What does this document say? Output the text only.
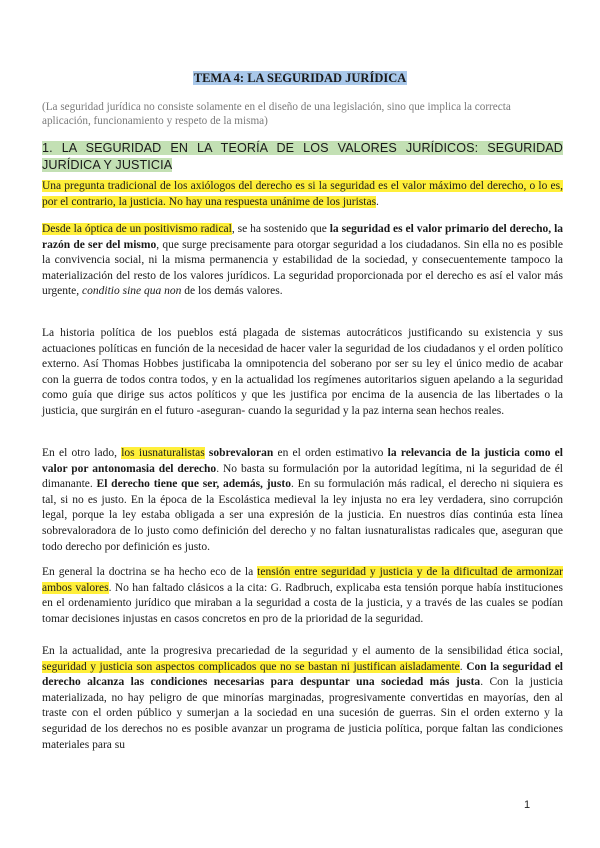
TEMA 4: LA SEGURIDAD JURÍDICA
(La seguridad jurídica no consiste solamente en el diseño de una legislación, sino que implica la correcta aplicación, funcionamiento y respeto de la misma)
1. LA SEGURIDAD EN LA TEORÍA DE LOS VALORES JURÍDICOS: SEGURIDAD JURÍDICA Y JUSTICIA
Una pregunta tradicional de los axiólogos del derecho es si la seguridad es el valor máximo del derecho, o lo es, por el contrario, la justicia. No hay una respuesta unánime de los juristas.
Desde la óptica de un positivismo radical, se ha sostenido que la seguridad es el valor primario del derecho, la razón de ser del mismo, que surge precisamente para otorgar seguridad a los ciudadanos. Sin ella no es posible la convivencia social, ni la misma permanencia y estabilidad de la sociedad, y consecuentemente tampoco la materialización del resto de los valores jurídicos. La seguridad proporcionada por el derecho es así el valor más urgente, conditio sine qua non de los demás valores.
La historia política de los pueblos está plagada de sistemas autocráticos justificando su existencia y sus actuaciones políticas en función de la necesidad de hacer valer la seguridad de los ciudadanos y el orden político externo. Así Thomas Hobbes justificaba la omnipotencia del soberano por ser su ley el único medio de acabar con la guerra de todos contra todos, y en la actualidad los regímenes autoritarios siguen apelando a la seguridad como guía que dirige sus actos políticos y que les justifica por encima de la ausencia de las libertades o la justicia, que surgirán en el futuro -aseguran- cuando la seguridad y la paz interna sean hechos reales.
En el otro lado, los iusnaturalistas sobrevaloran en el orden estimativo la relevancia de la justicia como el valor por antonomasia del derecho. No basta su formulación por la autoridad legítima, ni la seguridad de él dimanante. El derecho tiene que ser, además, justo. En su formulación más radical, el derecho ni siquiera es tal, si no es justo. En la época de la Escolástica medieval la ley injusta no era ley verdadera, sino corrupción legal, porque la ley estaba obligada a ser una expresión de la justicia. En nuestros días continúa esta línea sobrevaloradora de lo justo como definición del derecho y no faltan iusnaturalistas radicales que, aseguran que todo derecho por definición es justo.
En general la doctrina se ha hecho eco de la tensión entre seguridad y justicia y de la dificultad de armonizar ambos valores. No han faltado clásicos a la cita: G. Radbruch, explicaba esta tensión porque había instituciones en el ordenamiento jurídico que miraban a la seguridad a costa de la justicia, y a través de las cuales se podían tomar decisiones injustas en casos concretos en pro de la prioridad de la seguridad.
En la actualidad, ante la progresiva precariedad de la seguridad y el aumento de la sensibilidad ética social, seguridad y justicia son aspectos complicados que no se bastan ni justifican aisladamente. Con la seguridad el derecho alcanza las condiciones necesarias para despuntar una sociedad más justa. Con la justicia materializada, no hay peligro de que minorías marginadas, progresivamente convertidas en mayorías, den al traste con el orden público y sumerjan a la sociedad en una sucesión de guerras. Sin el orden externo y la seguridad de los derechos no es posible avanzar un programa de justicia política, porque faltan las condiciones materiales para su
1
